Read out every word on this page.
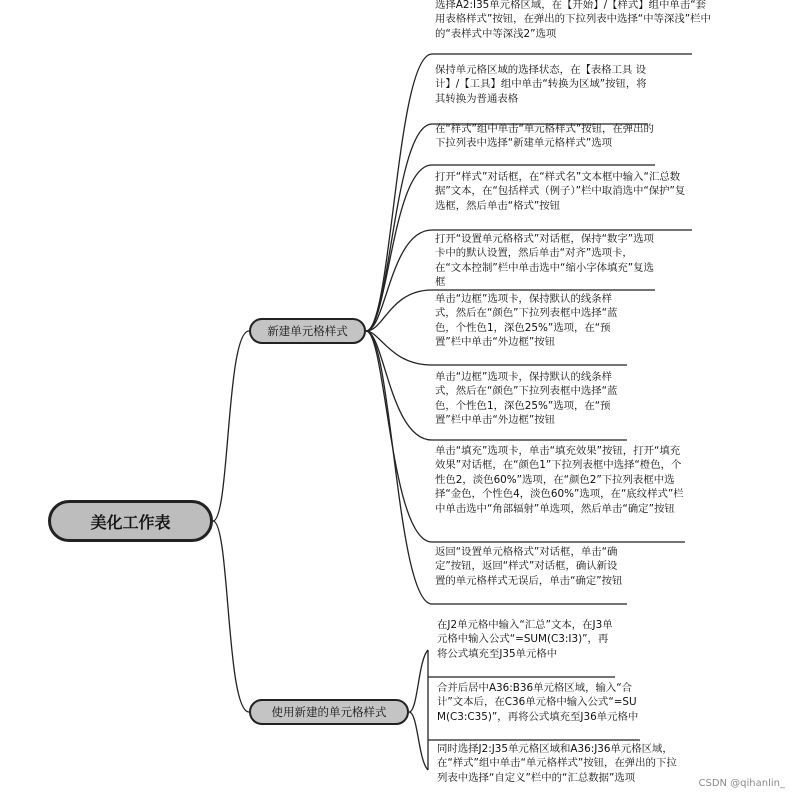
美化工作表
新建单元格样式
使用新建的单元格样式
选择A2:I35单元格区域，在【开始】/【样式】组中单击“套用表格样式”按钮，在弹出的下拉列表中选择“中等深浅”栏中的“表样式中等深浅2”选项
保持单元格区域的选择状态，在【表格工具 设计】/【工具】组中单击“转换为区域”按钮，将其转换为普通表格
在“样式”组中单击“单元格样式”按钮，在弹出的下拉列表中选择“新建单元格样式”选项
打开“样式”对话框，在“样式名”文本框中输入“汇总数据”文本，在“包括样式（例子）”栏中取消选中“保护”复选框，然后单击“格式”按钮
打开“设置单元格格式”对话框，保持“数字”选项卡中的默认设置，然后单击“对齐”选项卡，在“文本控制”栏中单击选中“缩小字体填充”复选框
单击“边框”选项卡，保持默认的线条样式，然后在“颜色”下拉列表框中选择“蓝色，个性色1，深色25%”选项，在“预置”栏中单击“外边框”按钮
单击“边框”选项卡，保持默认的线条样式，然后在“颜色”下拉列表框中选择“蓝色，个性色1，深色25%”选项，在“预置”栏中单击“外边框”按钮
单击“填充”选项卡，单击“填充效果”按钮，打开“填充效果”对话框，在“颜色1”下拉列表框中选择“橙色，个性色2，淡色60%”选项，在“颜色2”下拉列表框中选择“金色，个性色4，淡色60%”选项，在“底纹样式”栏中单击选中“角部辐射”单选项，然后单击“确定”按钮
返回“设置单元格格式”对话框，单击“确定”按钮，返回“样式”对话框，确认新设置的单元格样式无误后，单击“确定”按钮
在J2单元格中输入“汇总”文本，在J3单元格中输入公式“=SUM(C3:I3)”，再将公式填充至J35单元格中
合并后居中A36:B36单元格区域，输入“合计”文本后，在C36单元格中输入公式“=SUM(C3:C35)”，再将公式填充至J36单元格中
同时选择J2:J35单元格区域和A36:J36单元格区域，在“样式”组中单击“单元格样式”按钮，在弹出的下拉列表中选择“自定义”栏中的“汇总数据”选项	CSDN @qihanlin_
